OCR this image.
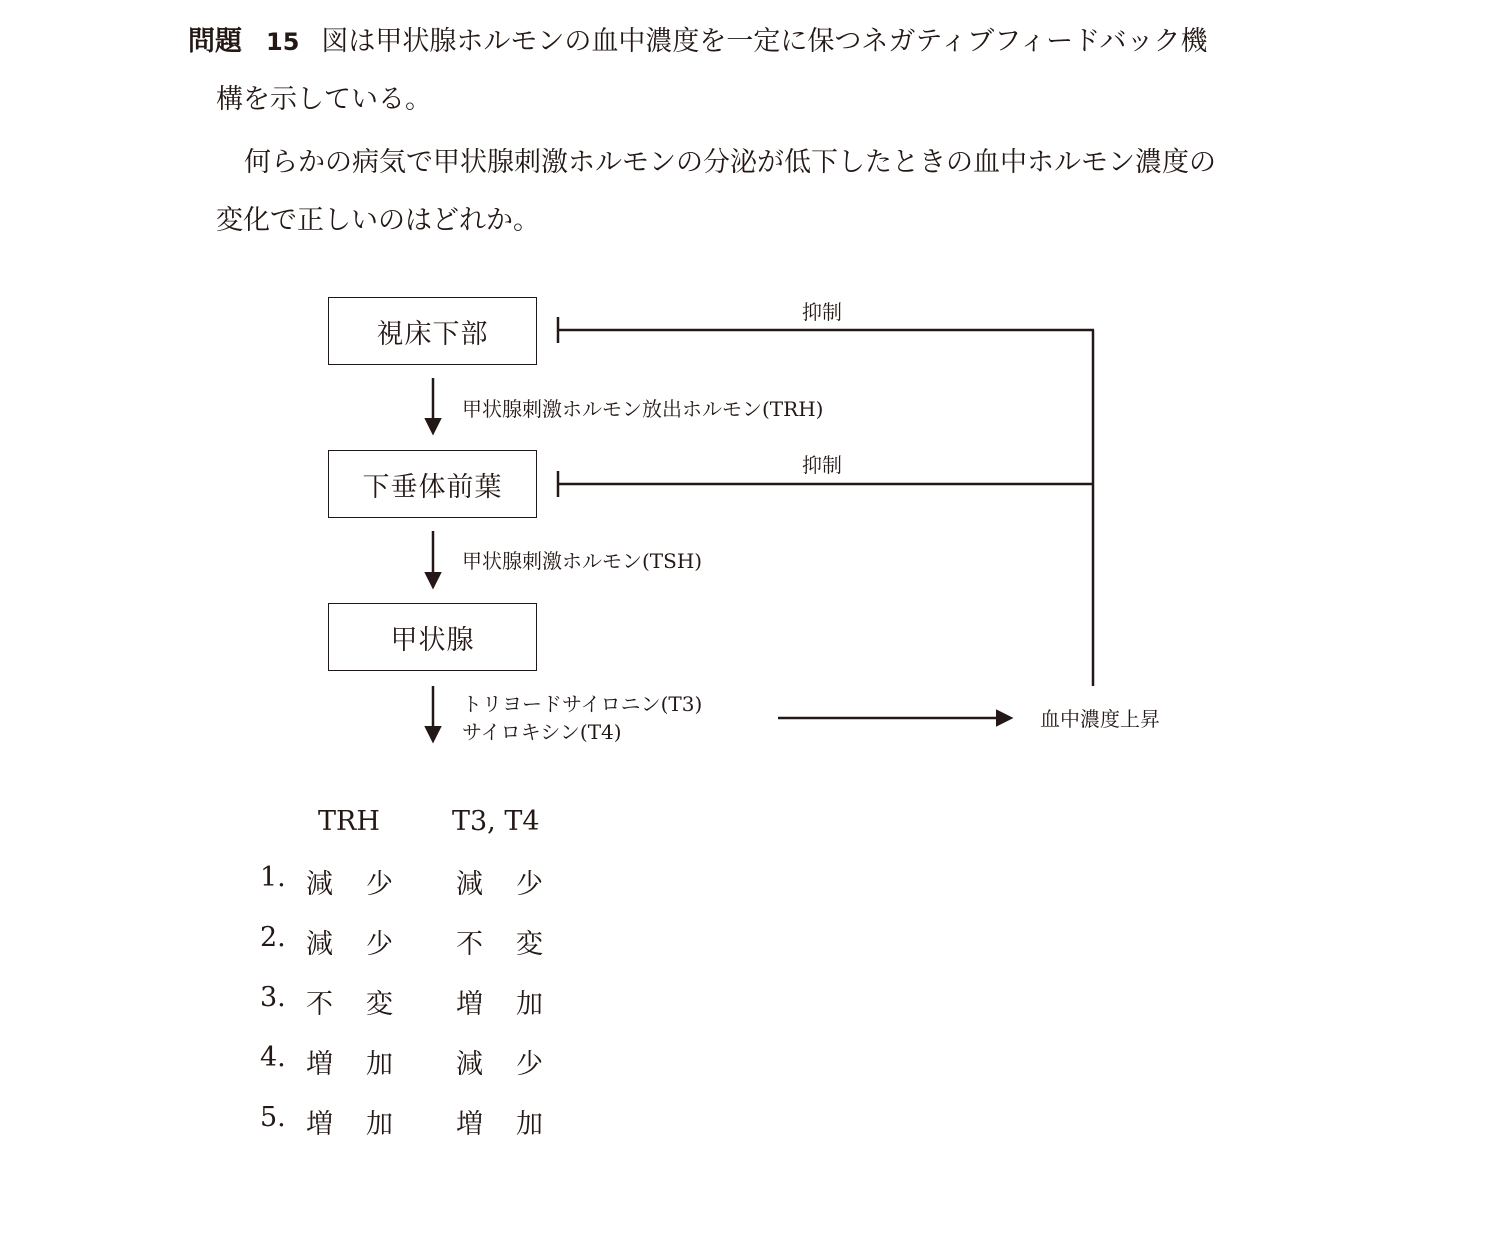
問題 15 図は甲状腺ホルモンの血中濃度を一定に保つネガティブフィードバック機
構を示している。
何らかの病気で甲状腺刺激ホルモンの分泌が低下したときの血中ホルモン濃度の
変化で正しいのはどれか。
視床下部
下垂体前葉
甲状腺
抑制
抑制
甲状腺刺激ホルモン放出ホルモン(TRH)
甲状腺刺激ホルモン(TSH)
トリヨードサイロニン(T3)
サイロキシン(T4)
血中濃度上昇
TRH	T3, T4
1. 減 少 減 少
2. 減 少 不 変
3. 不 変 増 加
4. 増 加 減 少
5. 増 加 増 加
